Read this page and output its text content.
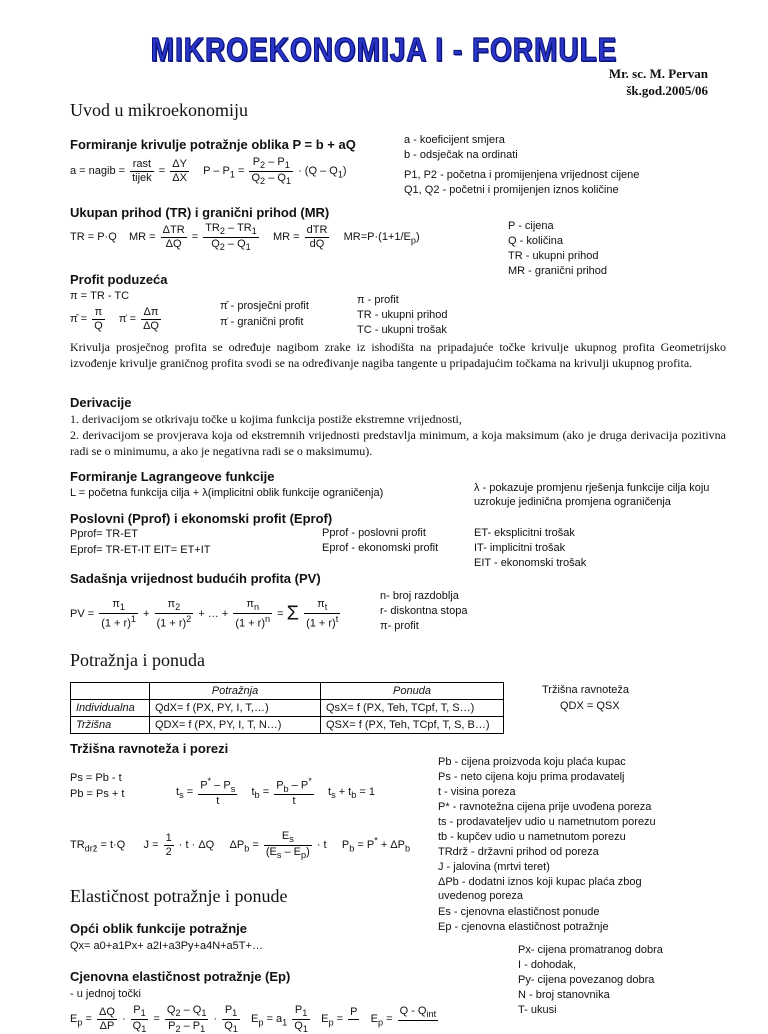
MIKROEKONOMIJA I - FORMULE
Mr. sc. M. Pervan
šk.god.2005/06
Uvod u mikroekonomiju
Formiranje krivulje potražnje oblika P = b + aQ	a - koeficijent smjera
b - odsječak na ordinati
P1, P2 - početna i promijenjena vrijednost cijene
Q1, Q2 - početni i promijenjen iznos količine
a = nagib =
rast
tijek
= $\frac{\Delta Y}{\Delta X}$ $P - P_1 = \frac{P_2 - P_1}{Q_2 - Q_1} \cdot (Q - Q_1)$
Ukupan prihod (TR) i granični prihod (MR)
TR = P·Q    MR =
ΔTR
ΔQ
= $\frac{TR_2 - TR_1}{Q_2 - Q_1}$ MR =
dTR
dQ
$MR=P\cdot(1+1/E_p)$
P - cijena
Q - količina
TR - ukupni prihod
MR - granični prihod
Profit poduzeća
π = TR - TC
π̄ = $\frac{\pi}{Q}$ π̇ = $\frac{\Delta\pi}{\Delta Q}$	π̄ - prosječni profit
π̇ - granični profit
π - profit
TR - ukupni prihod
TC - ukupni trošak
Krivulja prosječnog profita se određuje nagibom zrake iz ishodišta na pripadajuće točke krivulje ukupnog profita Geometrijsko izvođenje krivulje graničnog profita svodi se na određivanje nagiba tangente u pripadajućim točkama na krivulji ukupnog profita.
Derivacije
1. derivacijom se otkrivaju točke u kojima funkcija postiže ekstremne vrijednosti,
2. derivacijom se provjerava koja od ekstremnih vrijednosti predstavlja minimum, a koja maksimum (ako je druga derivacija pozitivna radi se o minimumu, a ako je negativna radi se o maksimumu).
Formiranje Lagrangeove funkcije
L = početna funkcija cilja + λ(implicitni oblik funkcije ograničenja)	λ - pokazuje promjenu rješenja funkcije cilja koju uzrokuje jedinična promjena ograničenja
Poslovni (Pprof) i ekonomski profit (Eprof)
Pprof= TR-ET
Eprof= TR-ET-IT EIT= ET+IT
Pprof - poslovni profit
Eprof - ekonomski profit
ET- eksplicitni trošak
IT- implicitni trošak
EIT - ekonomski trošak
Sadašnja vrijednost budućih profita (PV)
PV = $\frac{\pi_1}{(1 + r)^1} + \frac{\pi_2}{(1 + r)^2}$ + … + $\frac{\pi_n}{(1 + r)^n} = \Sigma \frac{\pi_t}{(1 + r)^t}$
n- broj razdoblja
r- diskontna stopa
π- profit
Potražnja i ponuda
	Potražnja	Ponuda
Individualna	QdX= f (PX, PY, I, T,…)	QsX= f (PX, Teh, TCpf, T, S…)
Tržišna	QDX= f (PX, PY, I, T, N…)	QSX= f (PX, Teh, TCpf, T, S, B…)
Tržišna ravnoteža
QDX = QSX
Tržišna ravnoteža i porezi
Ps = Pb - t
Pb = Ps + t	$t_s = \frac{P^* - P_s}{t} t_b = \frac{P_b - P^*}{t} t_s + t_b = 1$
$TR_{drž} = t\cdot Q$      $J = \frac{1}{2} \cdot t \cdot \Delta Q$     $\Delta P_b = \frac{E_s}{(E_s - E_p)} \cdot t$     $P_b = P^* + \Delta P_b$
Pb - cijena proizvoda koju plaća kupac
Ps - neto cijena koju prima prodavatelj
t - visina poreza
P* - ravnotežna cijena prije uvođena poreza
ts - prodavateljev udio u nametnutom porezu
tb - kupčev udio u nametnutom porezu
TRdrž - državni prihod od poreza
J - jalovina (mrtvi teret)
ΔPb - dodatni iznos koji kupac plaća zbog uvedenog poreza
Es - cjenovna elastičnost ponude
Ep - cjenovna elastičnost potražnje
Elastičnost potražnje i ponude
Opći oblik funkcije potražnje
Qx= a0+a1Px+ a2I+a3Py+a4N+a5T+…	Px- cijena promatranog dobra
I - dohodak,
Py- cijena povezanog dobra
N - broj stanovnika
T- ukusi
Cjenovna elastičnost potražnje (Ep)
- u jednoj točki
$E_p = \frac{\Delta Q}{\Delta P} \cdot \frac{P_1}{Q_1} = \frac{Q_2 - Q_1}{P_2 - P_1} \cdot \frac{P_1}{Q_1} E_p = a_1 \frac{P_1}{Q_1} E_p$ =
P

$E_p$ =
Q - $Q_{int}$
